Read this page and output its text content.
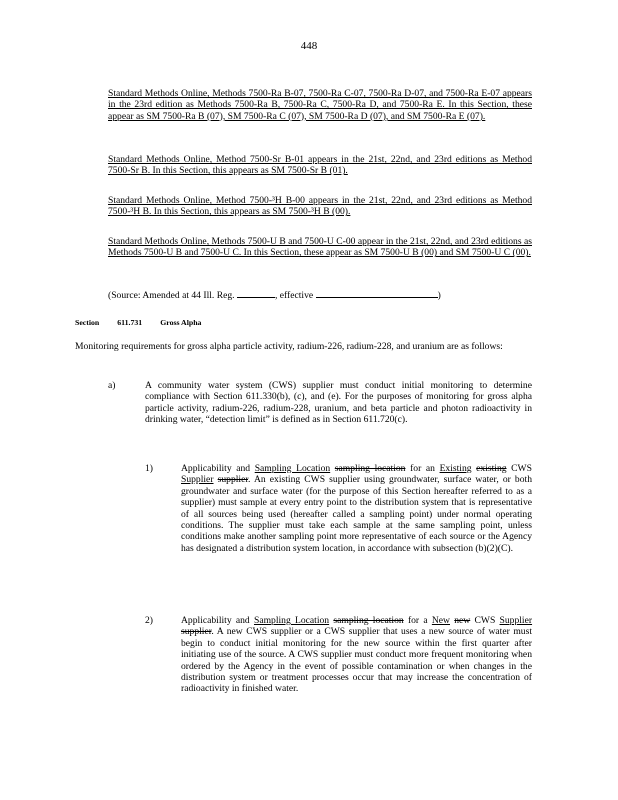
448
Standard Methods Online, Methods 7500-Ra B-07, 7500-Ra C-07, 7500-Ra D-07, and 7500-Ra E-07 appears in the 23rd edition as Methods 7500-Ra B, 7500-Ra C, 7500-Ra D, and 7500-Ra E. In this Section, these appear as SM 7500-Ra B (07), SM 7500-Ra C (07), SM 7500-Ra D (07), and SM 7500-Ra E (07).
Standard Methods Online, Method 7500-Sr B-01 appears in the 21st, 22nd, and 23rd editions as Method 7500-Sr B. In this Section, this appears as SM 7500-Sr B (01).
Standard Methods Online, Method 7500-³H B-00 appears in the 21st, 22nd, and 23rd editions as Method 7500-³H B. In this Section, this appears as SM 7500-³H B (00).
Standard Methods Online, Methods 7500-U B and 7500-U C-00 appear in the 21st, 22nd, and 23rd editions as Methods 7500-U B and 7500-U C. In this Section, these appear as SM 7500-U B (00) and SM 7500-U C (00).
(Source: Amended at 44 Ill. Reg.	, effective	)
Section 611.731 Gross Alpha
Monitoring requirements for gross alpha particle activity, radium-226, radium-228, and uranium are as follows:
a)	A community water system (CWS) supplier must conduct initial monitoring to determine compliance with Section 611.330(b), (c), and (e). For the purposes of monitoring for gross alpha particle activity, radium-226, radium-228, uranium, and beta particle and photon radioactivity in drinking water, “detection limit” is defined as in Section 611.720(c).
1)	Applicability and Sampling Location sampling location for an Existing existing CWS Supplier supplier. An existing CWS supplier using groundwater, surface water, or both groundwater and surface water (for the purpose of this Section hereafter referred to as a supplier) must sample at every entry point to the distribution system that is representative of all sources being used (hereafter called a sampling point) under normal operating conditions. The supplier must take each sample at the same sampling point, unless conditions make another sampling point more representative of each source or the Agency has designated a distribution system location, in accordance with subsection (b)(2)(C).
2)	Applicability and Sampling Location sampling location for a New new CWS Supplier supplier. A new CWS supplier or a CWS supplier that uses a new source of water must begin to conduct initial monitoring for the new source within the first quarter after initiating use of the source. A CWS supplier must conduct more frequent monitoring when ordered by the Agency in the event of possible contamination or when changes in the distribution system or treatment processes occur that may increase the concentration of radioactivity in finished water.
